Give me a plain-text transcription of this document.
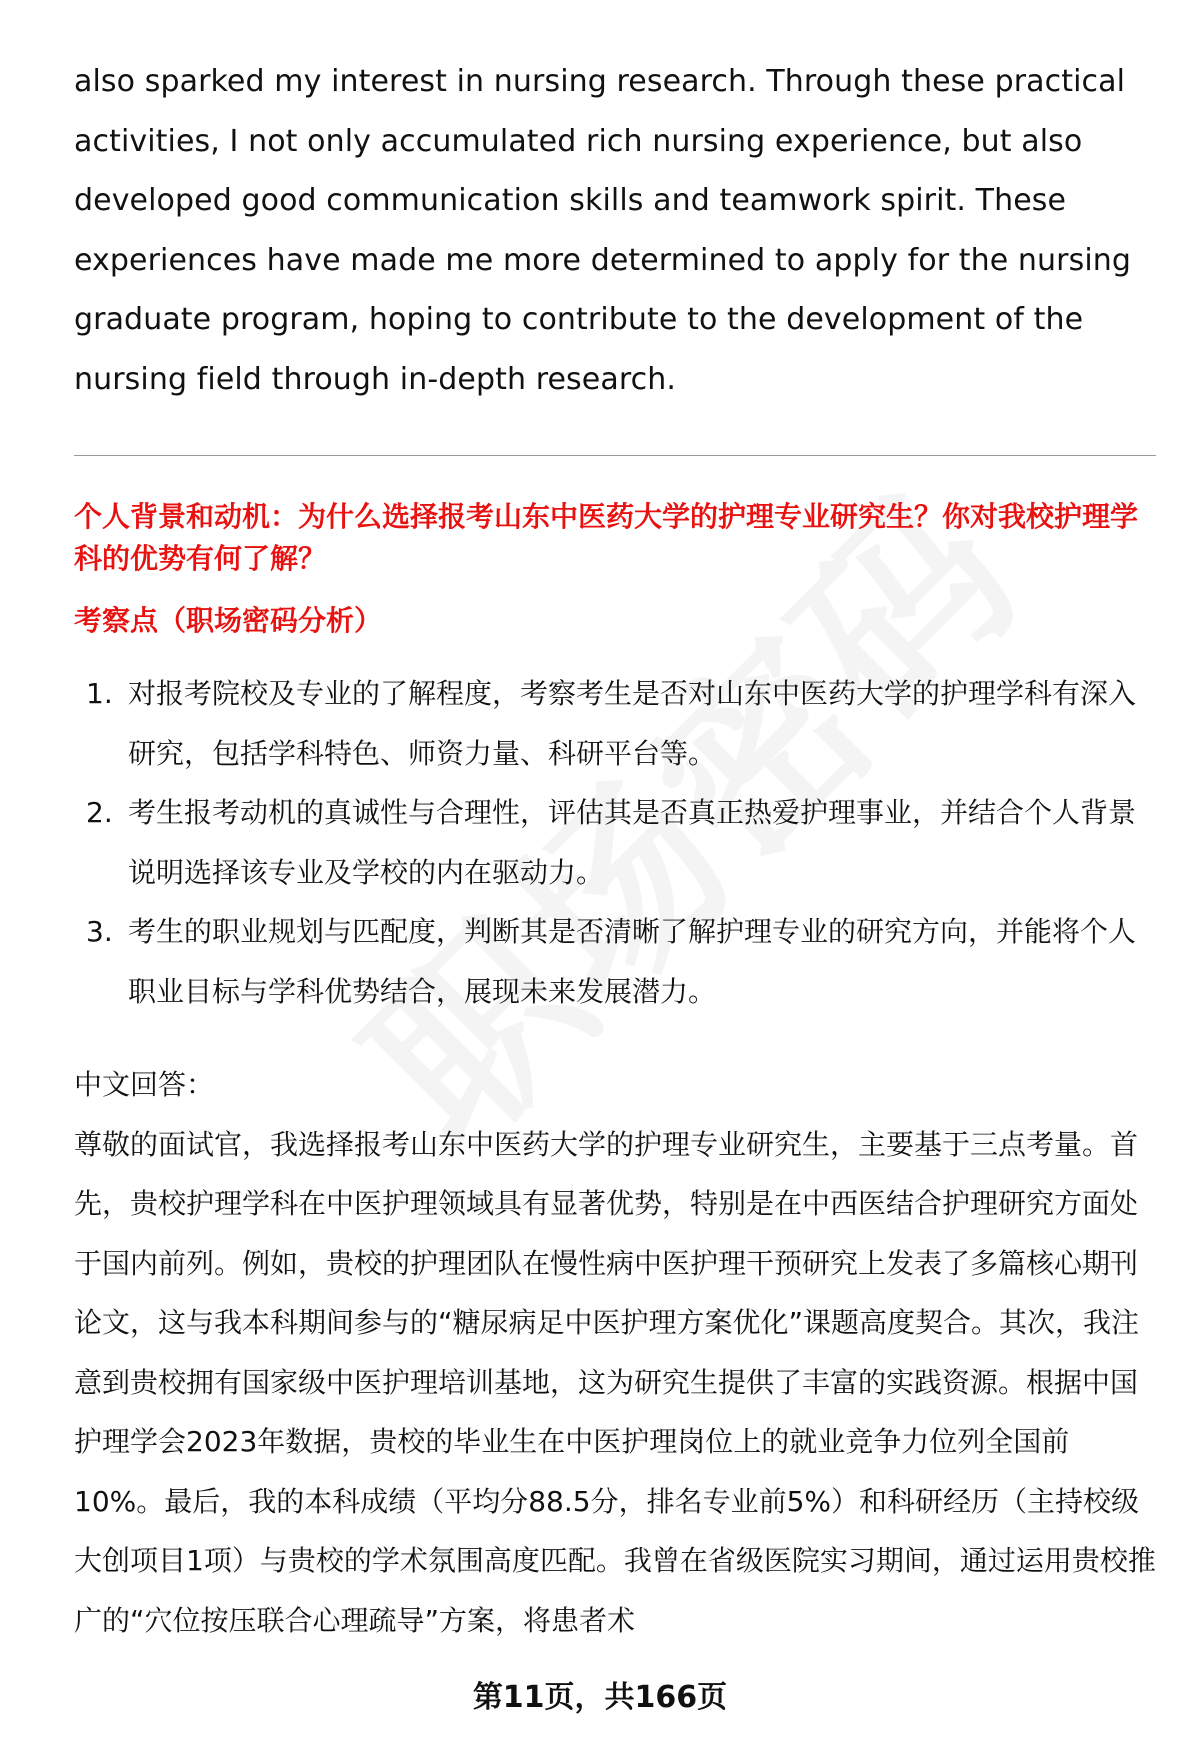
also sparked my interest in nursing research. Through these practical activities, I not only accumulated rich nursing experience, but also developed good communication skills and teamwork spirit. These experiences have made me more determined to apply for the nursing graduate program, hoping to contribute to the development of the nursing field through in-depth research.

个人背景和动机：为什么选择报考山东中医药大学的护理专业研究生？你对我校护理学科的优势有何了解？

考察点（职场密码分析）

1. 对报考院校及专业的了解程度，考察考生是否对山东中医药大学的护理学科有深入研究，包括学科特色、师资力量、科研平台等。
2. 考生报考动机的真诚性与合理性，评估其是否真正热爱护理事业，并结合个人背景说明选择该专业及学校的内在驱动力。
3. 考生的职业规划与匹配度，判断其是否清晰了解护理专业的研究方向，并能将个人职业目标与学科优势结合，展现未来发展潜力。

中文回答：

尊敬的面试官，我选择报考山东中医药大学的护理专业研究生，主要基于三点考量。首先，贵校护理学科在中医护理领域具有显著优势，特别是在中西医结合护理研究方面处于国内前列。例如，贵校的护理团队在慢性病中医护理干预研究上发表了多篇核心期刊论文，这与我本科期间参与的“糖尿病足中医护理方案优化”课题高度契合。其次，我注意到贵校拥有国家级中医护理培训基地，这为研究生提供了丰富的实践资源。根据中国护理学会2023年数据，贵校的毕业生在中医护理岗位上的就业竞争力位列全国前10%。最后，我的本科成绩（平均分88.5分，排名专业前5%）和科研经历（主持校级大创项目1项）与贵校的学术氛围高度匹配。我曾在省级医院实习期间，通过运用贵校推广的“穴位按压联合心理疏导”方案，将患者术

第11页，共166页
